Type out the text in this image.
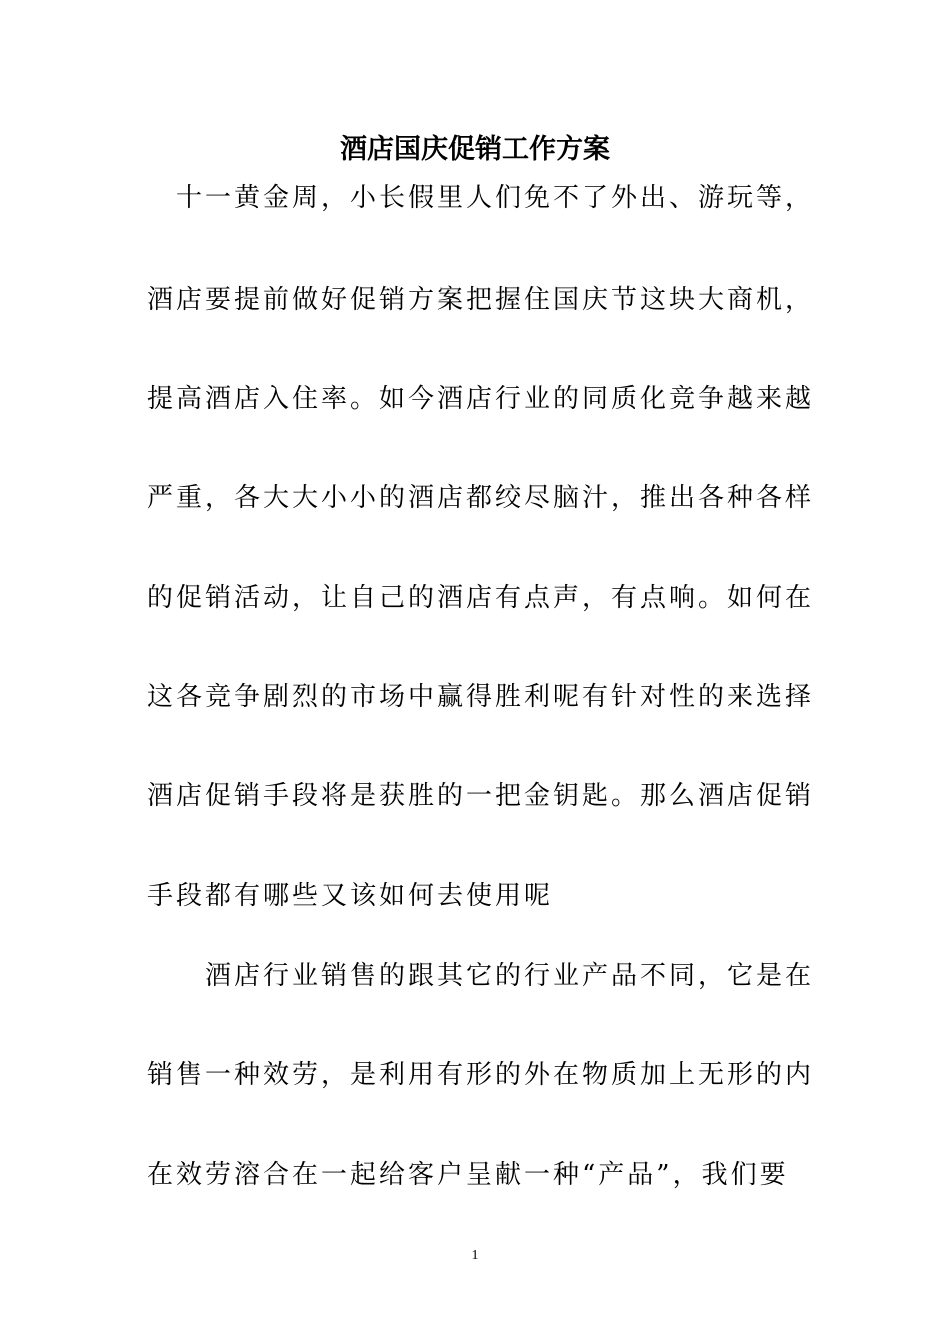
酒店国庆促销工作方案
　十一黄金周，小长假里人们免不了外出、游玩等，
酒店要提前做好促销方案把握住国庆节这块大商机，
提高酒店入住率。如今酒店行业的同质化竞争越来越
严重，各大大小小的酒店都绞尽脑汁，推出各种各样
的促销活动，让自己的酒店有点声，有点响。如何在
这各竞争剧烈的市场中赢得胜利呢有针对性的来选择
酒店促销手段将是获胜的一把金钥匙。那么酒店促销
手段都有哪些又该如何去使用呢
　　酒店行业销售的跟其它的行业产品不同，它是在
销售一种效劳，是利用有形的外在物质加上无形的内
在效劳溶合在一起给客户呈献一种“产品”，我们要
1
